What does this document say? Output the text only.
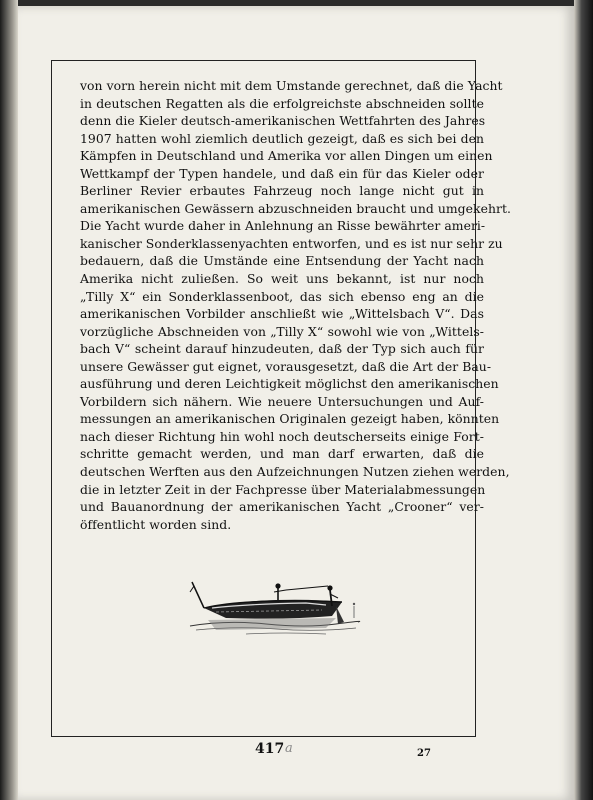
von vorn herein nicht mit dem Umstande gerechnet, daß die Yacht
in deutschen Regatten als die erfolgreichste abschneiden sollte
denn die Kieler deutsch-amerikanischen Wettfahrten des Jahres
1907 hatten wohl ziemlich deutlich gezeigt, daß es sich bei den
Kämpfen in Deutschland und Amerika vor allen Dingen um einen
Wettkampf der Typen handele, und daß ein für das Kieler oder
Berliner Revier erbautes Fahrzeug noch lange nicht gut in
amerikanischen Gewässern abzuschneiden braucht und umgekehrt.
Die Yacht wurde daher in Anlehnung an Risse bewährter ameri-
kanischer Sonderklassenyachten entworfen, und es ist nur sehr zu
bedauern, daß die Umstände eine Entsendung der Yacht nach
Amerika nicht zuließen. So weit uns bekannt, ist nur noch
„Tilly X“ ein Sonderklassenboot, das sich ebenso eng an die
amerikanischen Vorbilder anschließt wie „Wittelsbach V“. Das
vorzügliche Abschneiden von „Tilly X“ sowohl wie von „Wittels-
bach V“ scheint darauf hinzudeuten, daß der Typ sich auch für
unsere Gewässer gut eignet, vorausgesetzt, daß die Art der Bau-
ausführung und deren Leichtigkeit möglichst den amerikanischen
Vorbildern sich nähern. Wie neuere Untersuchungen und Auf-
messungen an amerikanischen Originalen gezeigt haben, könnten
nach dieser Richtung hin wohl noch deutscherseits einige Fort-
schritte gemacht werden, und man darf erwarten, daß die
deutschen Werften aus den Aufzeichnungen Nutzen ziehen werden,
die in letzter Zeit in der Fachpresse über Materialabmessungen
und Bauanordnung der amerikanischen Yacht „Crooner“ ver-
öffentlicht worden sind.
417 a	27
